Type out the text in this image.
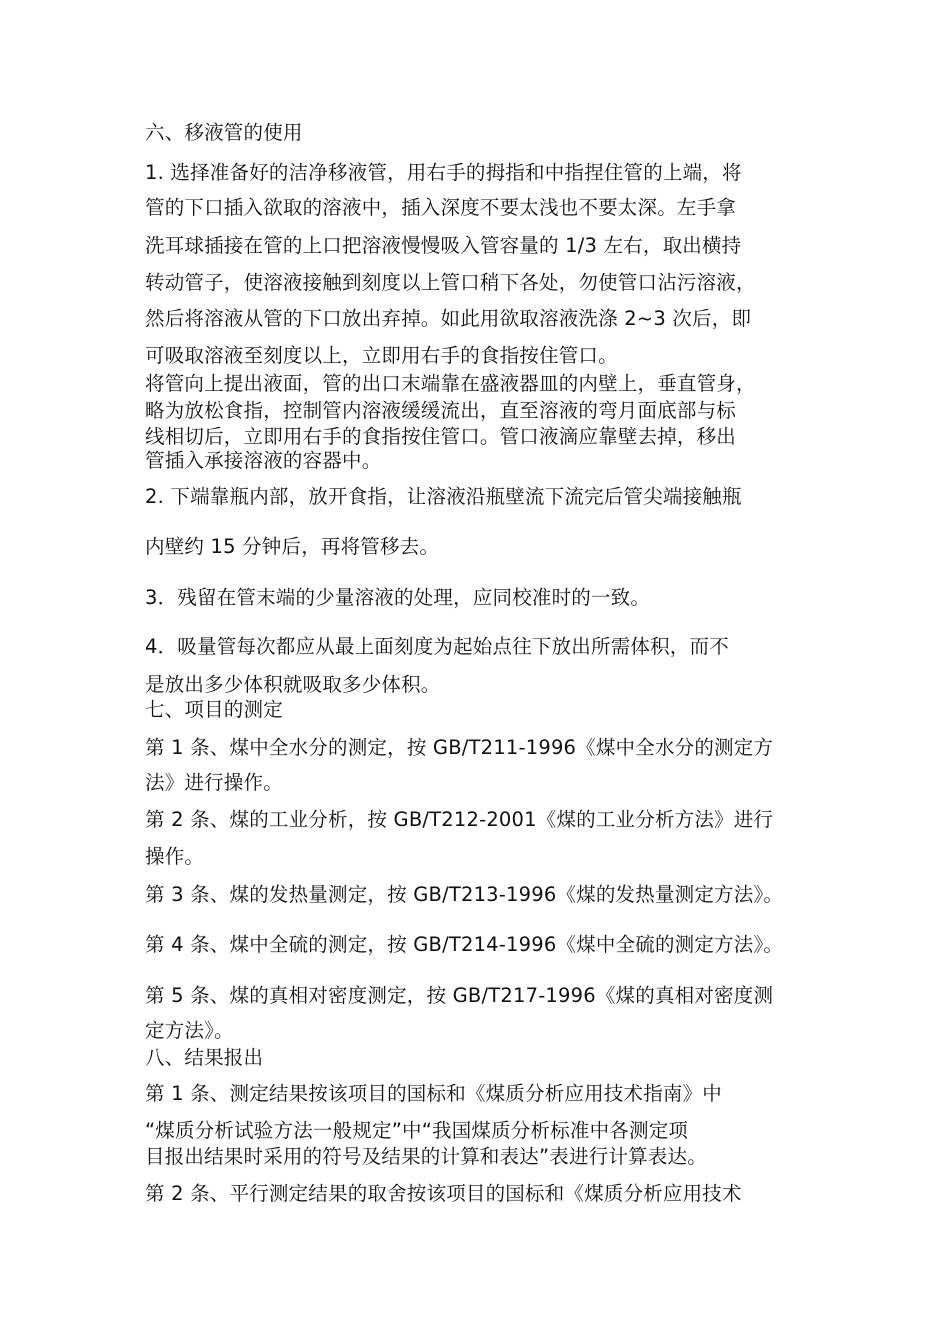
六、移液管的使用
1. 选择准备好的洁净移液管，用右手的拇指和中指捏住管的上端，将
管的下口插入欲取的溶液中，插入深度不要太浅也不要太深。左手拿
洗耳球插接在管的上口把溶液慢慢吸入管容量的 1/3 左右，取出横持
转动管子，使溶液接触到刻度以上管口稍下各处，勿使管口沾污溶液，
然后将溶液从管的下口放出弃掉。如此用欲取溶液洗涤 2~3 次后，即
可吸取溶液至刻度以上，立即用右手的食指按住管口。
将管向上提出液面，管的出口末端靠在盛液器皿的内壁上，垂直管身，
略为放松食指，控制管内溶液缓缓流出，直至溶液的弯月面底部与标
线相切后，立即用右手的食指按住管口。管口液滴应靠壁去掉，移出
管插入承接溶液的容器中。
2. 下端靠瓶内部，放开食指，让溶液沿瓶壁流下流完后管尖端接触瓶
内壁约 15 分钟后，再将管移去。
3．残留在管末端的少量溶液的处理，应同校准时的一致。
4．吸量管每次都应从最上面刻度为起始点往下放出所需体积，而不
是放出多少体积就吸取多少体积。
七、项目的测定
第 1 条、煤中全水分的测定，按 GB/T211-1996《煤中全水分的测定方
法》进行操作。
第 2 条、煤的工业分析，按 GB/T212-2001《煤的工业分析方法》进行
操作。
第 3 条、煤的发热量测定，按 GB/T213-1996《煤的发热量测定方法》。
第 4 条、煤中全硫的测定，按 GB/T214-1996《煤中全硫的测定方法》。
第 5 条、煤的真相对密度测定，按 GB/T217-1996《煤的真相对密度测
定方法》。
八、结果报出
第 1 条、测定结果按该项目的国标和《煤质分析应用技术指南》中
“煤质分析试验方法一般规定”中“我国煤质分析标准中各测定项
目报出结果时采用的符号及结果的计算和表达”表进行计算表达。
第 2 条、平行测定结果的取舍按该项目的国标和《煤质分析应用技术
